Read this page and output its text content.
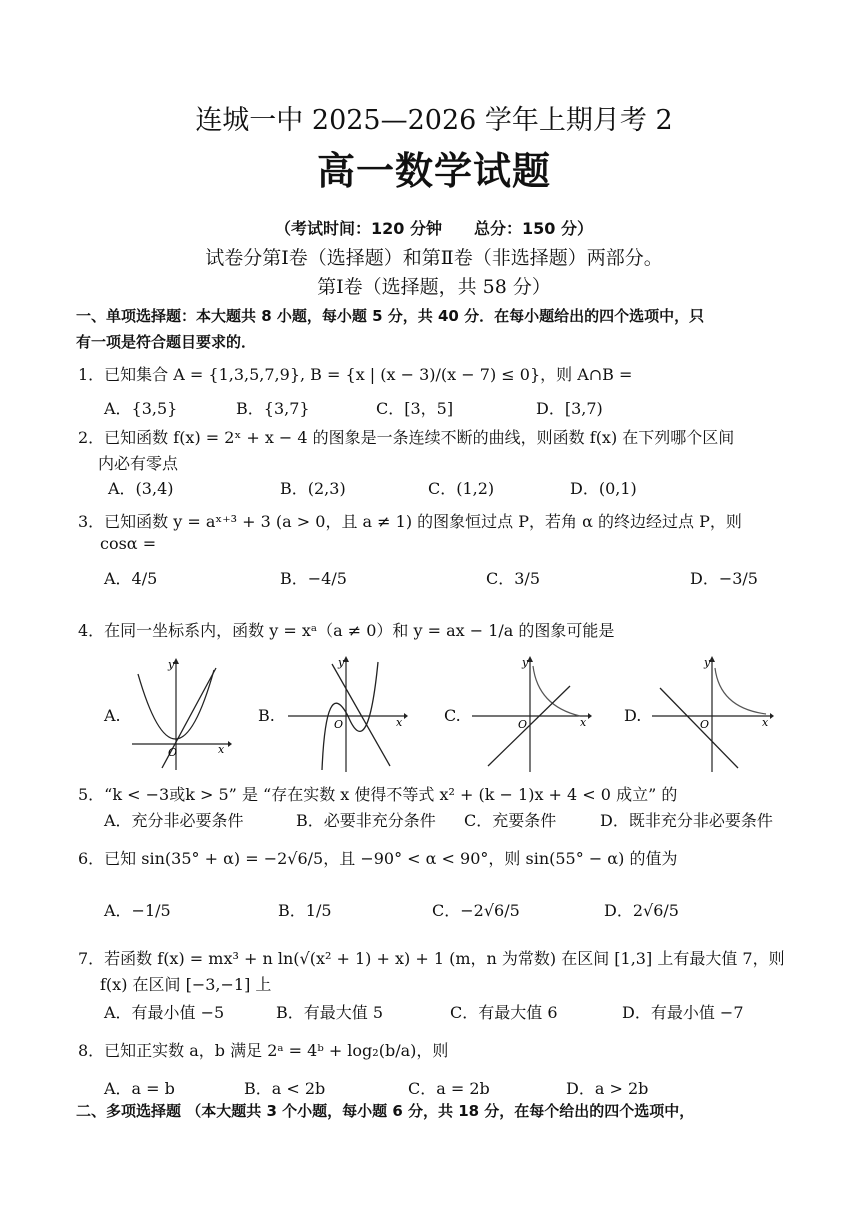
连城一中 2025—2026 学年上期月考 2
高一数学试题
（考试时间：120 分钟　　总分：150 分）
试卷分第Ⅰ卷（选择题）和第Ⅱ卷（非选择题）两部分。
第Ⅰ卷（选择题，共 58 分）
一、单项选择题：本大题共 8 小题，每小题 5 分，共 40 分．在每小题给出的四个选项中，只
有一项是符合题目要求的．
1．已知集合 A = {1,3,5,7,9}, B = {x | (x − 3)/(x − 7) ≤ 0}，则 A∩B =
A．{3,5}	B．{3,7}	C．[3，5]	D．[3,7)
2．已知函数 f(x) = 2ˣ + x − 4 的图象是一条连续不断的曲线，则函数 f(x) 在下列哪个区间
内必有零点
A．(3,4)	B．(2,3)	C．(1,2)	D．(0,1)
3．已知函数 y = aˣ⁺³ + 3 (a > 0，且 a ≠ 1) 的图象恒过点 P，若角 α 的终边经过点 P，则
cosα =
A．4/5	B．−4/5	C．3/5	D．−3/5
4．在同一坐标系内，函数 y = xᵃ（a ≠ 0）和 y = ax − 1/a 的图象可能是
A.
O	x
y
B.	O	x
y
C.	O	x
y
D.	O	x
y
5．“k < −3或k > 5” 是 “存在实数 x 使得不等式 x² + (k − 1)x + 4 < 0 成立” 的
A．充分非必要条件	B．必要非充分条件 C．充要条件	D．既非充分非必要条件
6．已知 sin(35° + α) = −2√6/5，且 −90° < α < 90°，则 sin(55° − α) 的值为
A．−1/5	B．1/5	C．−2√6/5	D．2√6/5
7．若函数 f(x) = mx³ + n ln(√(x² + 1) + x) + 1 (m，n 为常数) 在区间 [1,3] 上有最大值 7，则
f(x) 在区间 [−3,−1] 上
A．有最小值 −5	B．有最大值 5	C．有最大值 6	D．有最小值 −7
8．已知正实数 a，b 满足 2ᵃ = 4ᵇ + log₂(b/a)，则
A．a = b	B．a < 2b	C．a = 2b	D．a > 2b
二、多项选择题 （本大题共 3 个小题，每小题 6 分，共 18 分，在每个给出的四个选项中，
